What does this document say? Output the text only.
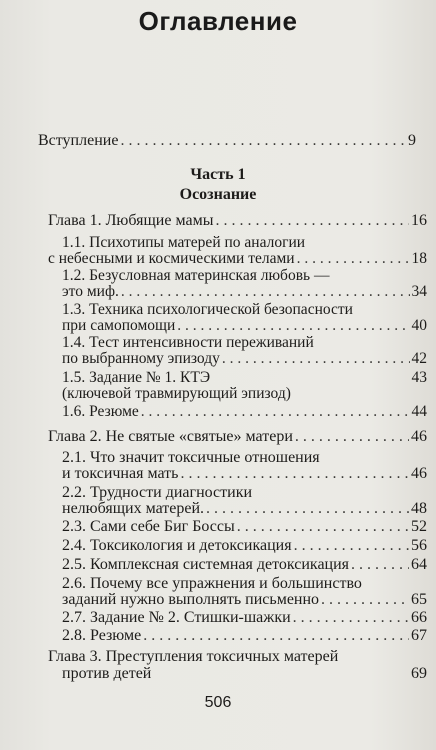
Оглавление
Вступление . . .	9
Часть 1
Осознание
Глава 1. Любящие мамы . . .	16
1.1. Психотипы матерей по аналогии
с небесными и космическими телами . . .	18
1.2. Безусловная материнская любовь —
это миф. . . .	34
1.3. Техника психологической безопасности
при самопомощи . . .	40
1.4. Тест интенсивности переживаний
по выбранному эпизоду . . .	42
1.5. Задание № 1. КТЭ	43
(ключевой травмирующий эпизод)
1.6. Резюме . . .	44
Глава 2. Не святые «святые» матери . . .	46
2.1. Что значит токсичные отношения
и токсичная мать . . .	46
2.2. Трудности диагностики
нелюбящих матерей. . . .	48
2.3. Сами себе Биг Боссы . . .	52
2.4. Токсикология и детоксикация . . .	56
2.5. Комплексная системная детоксикация . . .	64
2.6. Почему все упражнения и большинство
заданий нужно выполнять письменно . . .	65
2.7. Задание № 2. Стишки-шажки . . .	66
2.8. Резюме . . .	67
Глава 3. Преступления токсичных матерей
против детей	69
506
